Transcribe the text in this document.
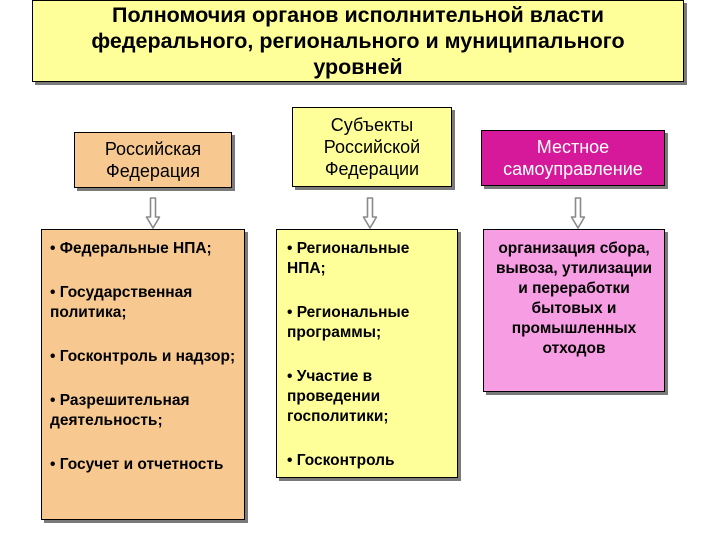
Полномочия органов исполнительной власти
федерального, регионального и муниципального
уровней
Российская
Федерация
Субъекты
Российской
Федерации
Местное
самоуправление

• Федеральные НПА;

• Государственная политика;

• Госконтроль и надзор;

• Разрешительная деятельность;

• Госучет и отчетность

• Региональные НПА;

• Региональные программы;

• Участие в проведении госполитики;

• Госконтроль

организация сбора, вывоза, утилизации и переработки бытовых и промышленных отходов
